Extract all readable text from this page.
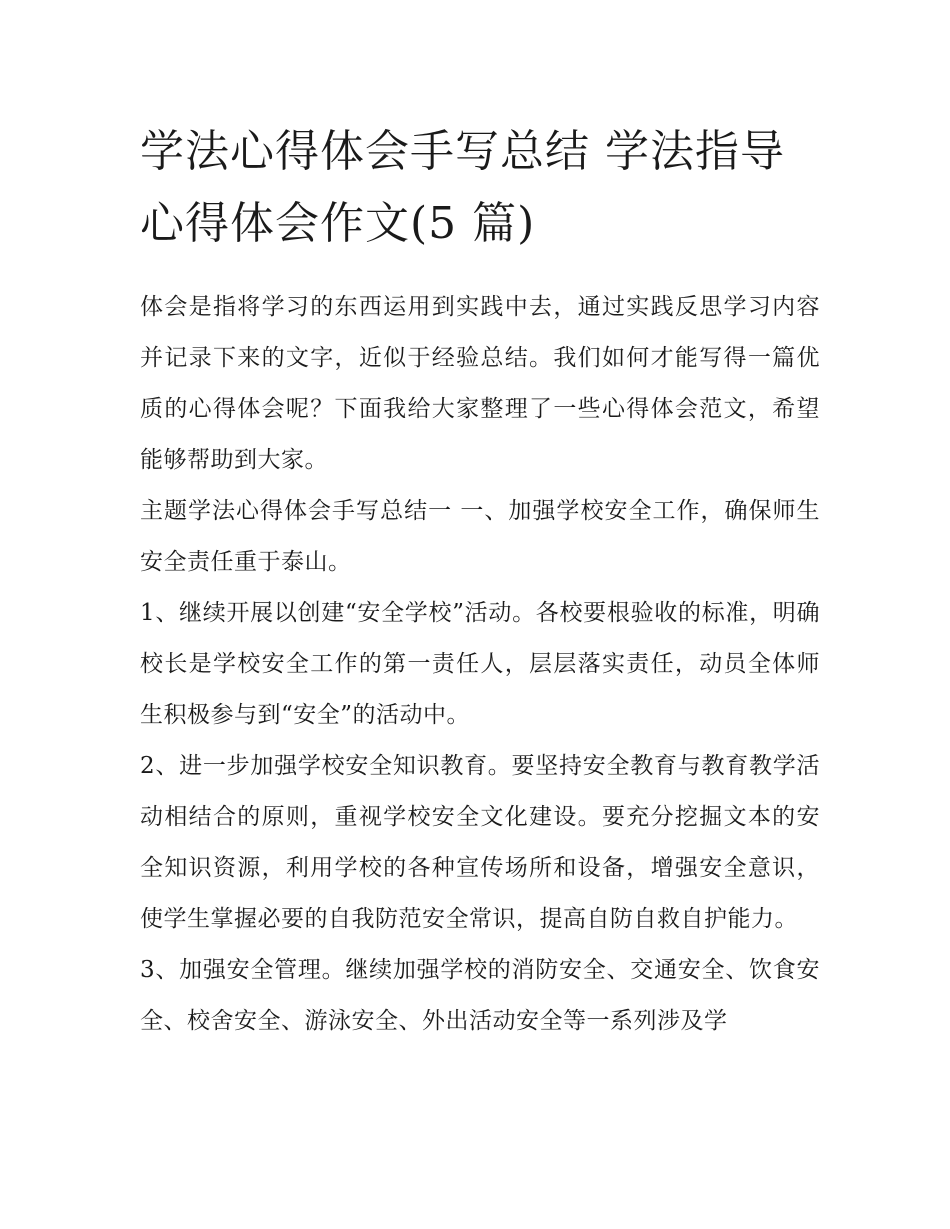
学法心得体会手写总结 学法指导心得体会作文(5 篇)

体会是指将学习的东西运用到实践中去，通过实践反思学习内容并记录下来的文字，近似于经验总结。我们如何才能写得一篇优质的心得体会呢？下面我给大家整理了一些心得体会范文，希望能够帮助到大家。

主题学法心得体会手写总结一 一、加强学校安全工作，确保师生安全责任重于泰山。

1、继续开展以创建“安全学校”活动。各校要根验收的标准，明确校长是学校安全工作的第一责任人，层层落实责任，动员全体师生积极参与到“安全”的活动中。

2、进一步加强学校安全知识教育。要坚持安全教育与教育教学活动相结合的原则，重视学校安全文化建设。要充分挖掘文本的安全知识资源，利用学校的各种宣传场所和设备，增强安全意识，使学生掌握必要的自我防范安全常识，提高自防自救自护能力。

3、加强安全管理。继续加强学校的消防安全、交通安全、饮食安全、校舍安全、游泳安全、外出活动安全等一系列涉及学
